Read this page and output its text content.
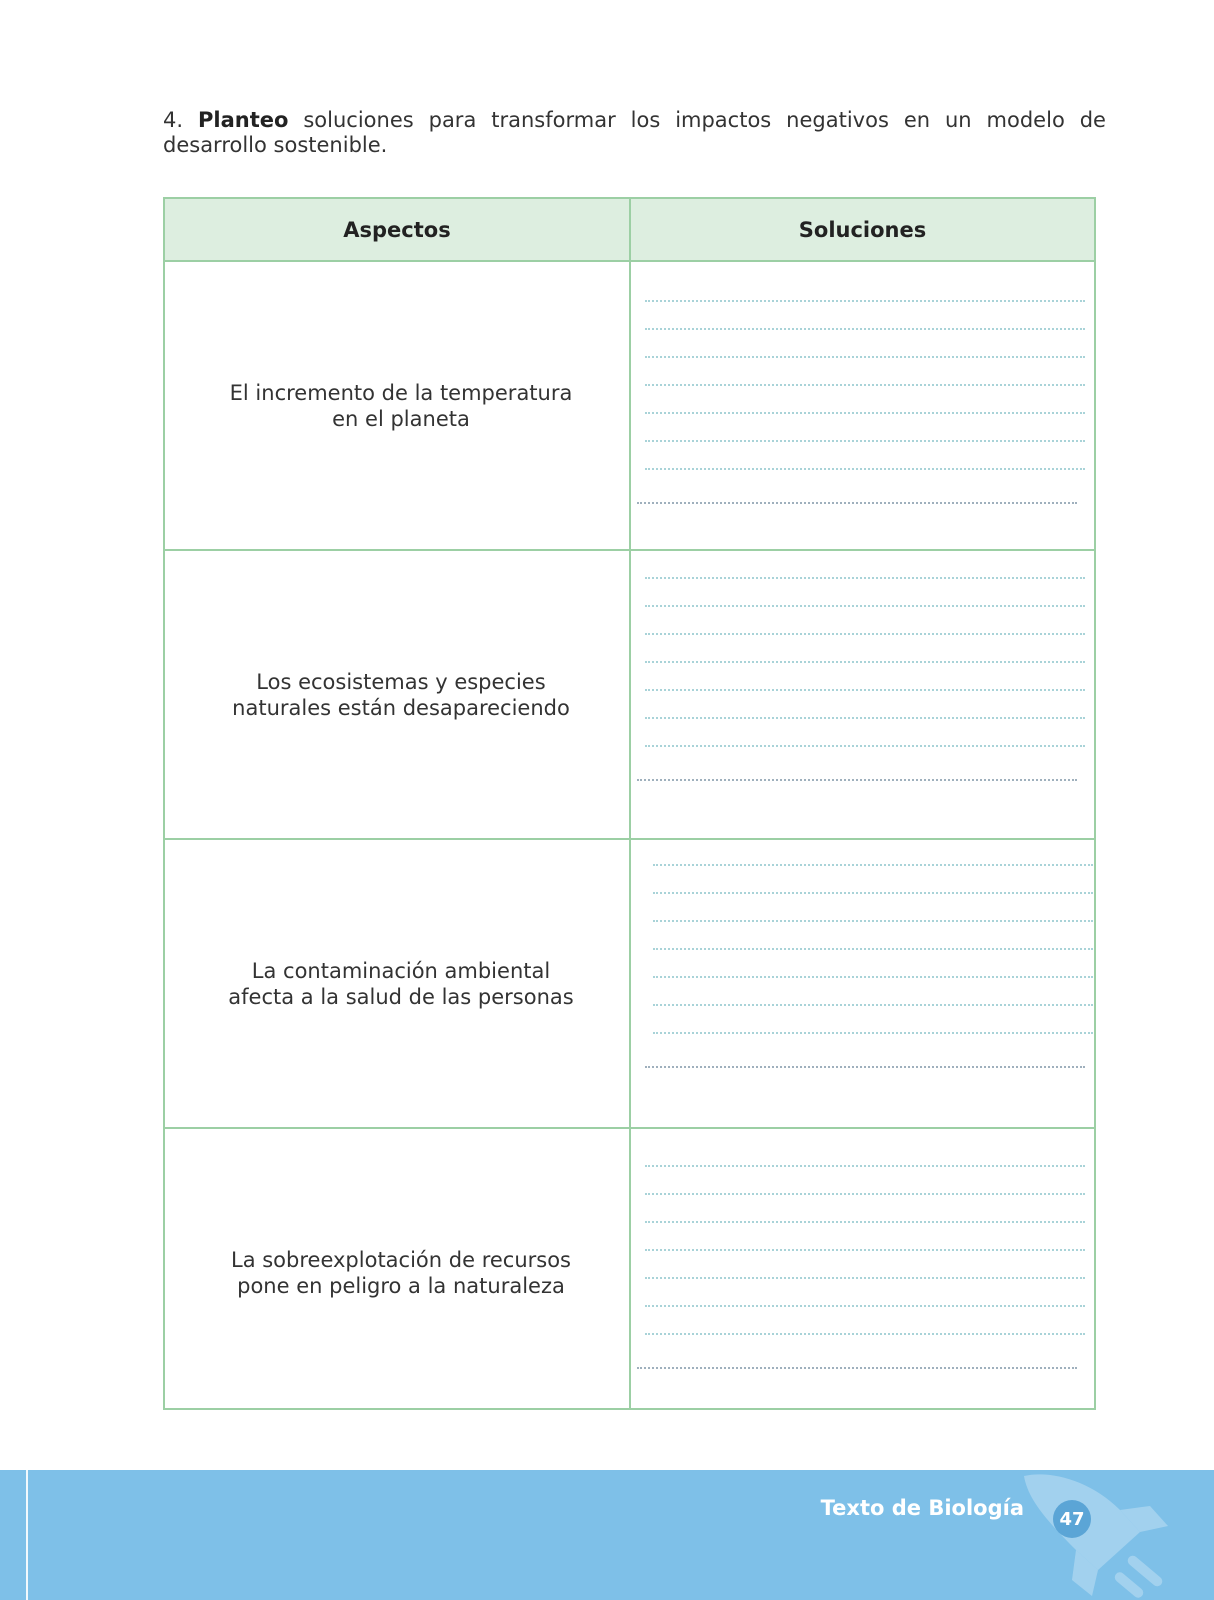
4. Planteo soluciones para transformar los impactos negativos en un modelo de desarrollo sostenible.
Aspectos	Soluciones
El incremento de la temperatura en el planeta
Los ecosistemas y especies naturales están desapareciendo
La contaminación ambiental afecta a la salud de las personas
La sobreexplotación de recursos pone en peligro a la naturaleza
Texto de Biología	47
